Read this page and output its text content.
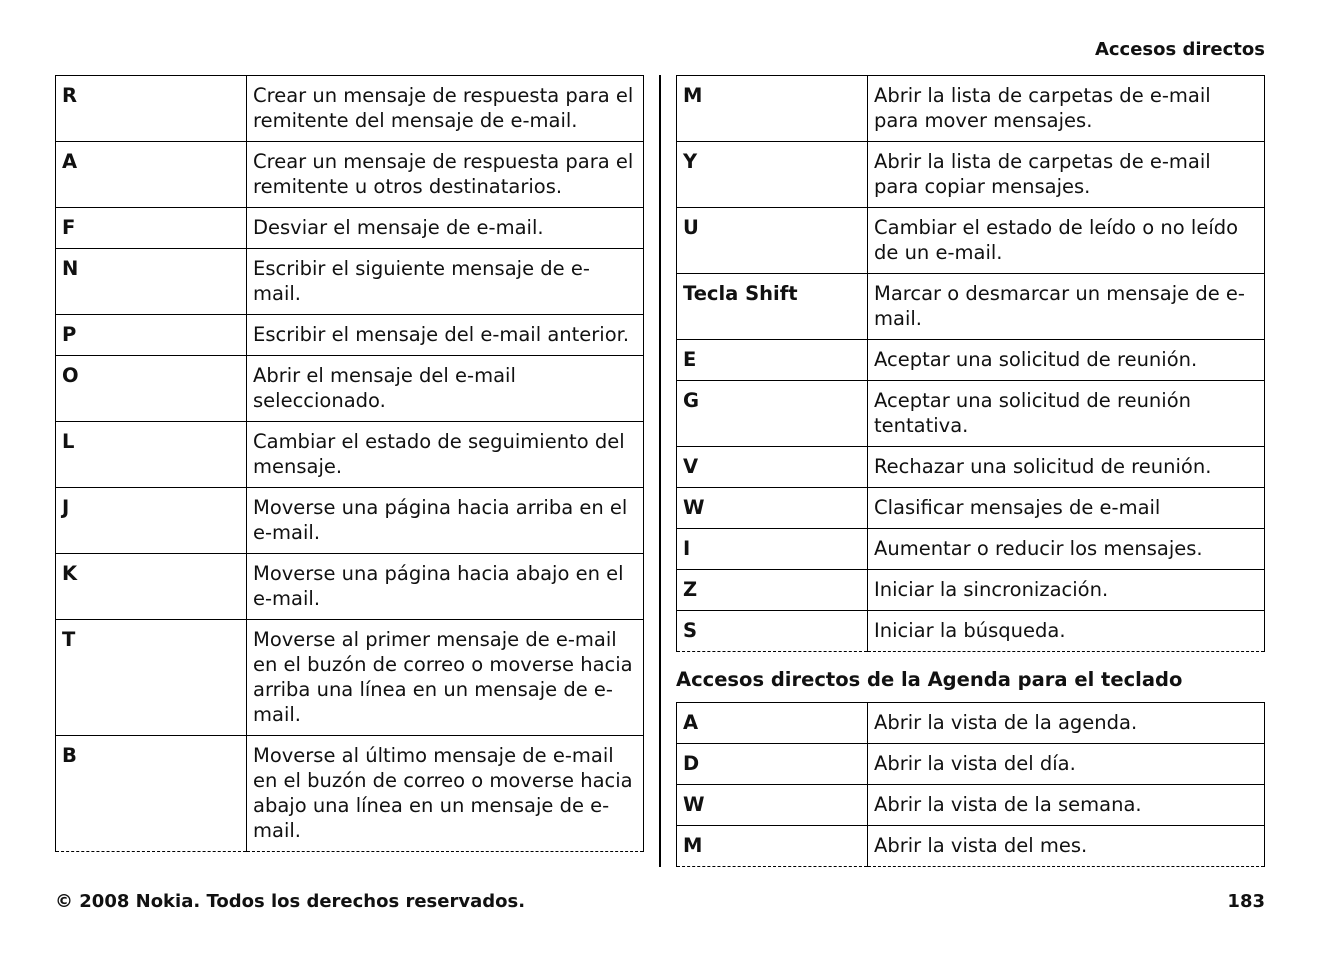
Accesos directos
R	Crear un mensaje de respuesta para el remitente del mensaje de e-mail.
A	Crear un mensaje de respuesta para el remitente u otros destinatarios.
F	Desviar el mensaje de e-mail.
N	Escribir el siguiente mensaje de e-mail.
P	Escribir el mensaje del e-mail anterior.
O	Abrir el mensaje del e-mail seleccionado.
L	Cambiar el estado de seguimiento del mensaje.
J	Moverse una página hacia arriba en el e-mail.
K	Moverse una página hacia abajo en el e-mail.
T	Moverse al primer mensaje de e-mail en el buzón de correo o moverse hacia arriba una línea en un mensaje de e-mail.
B	Moverse al último mensaje de e-mail en el buzón de correo o moverse hacia abajo una línea en un mensaje de e-mail.
M	Abrir la lista de carpetas de e-mail para mover mensajes.
Y	Abrir la lista de carpetas de e-mail para copiar mensajes.
U	Cambiar el estado de leído o no leído de un e-mail.
Tecla Shift	Marcar o desmarcar un mensaje de e-mail.
E	Aceptar una solicitud de reunión.
G	Aceptar una solicitud de reunión tentativa.
V	Rechazar una solicitud de reunión.
W	Clasificar mensajes de e-mail
I	Aumentar o reducir los mensajes.
Z	Iniciar la sincronización.
S	Iniciar la búsqueda.
Accesos directos de la Agenda para el teclado
A	Abrir la vista de la agenda.
D	Abrir la vista del día.
W	Abrir la vista de la semana.
M	Abrir la vista del mes.
© 2008 Nokia. Todos los derechos reservados.	183
